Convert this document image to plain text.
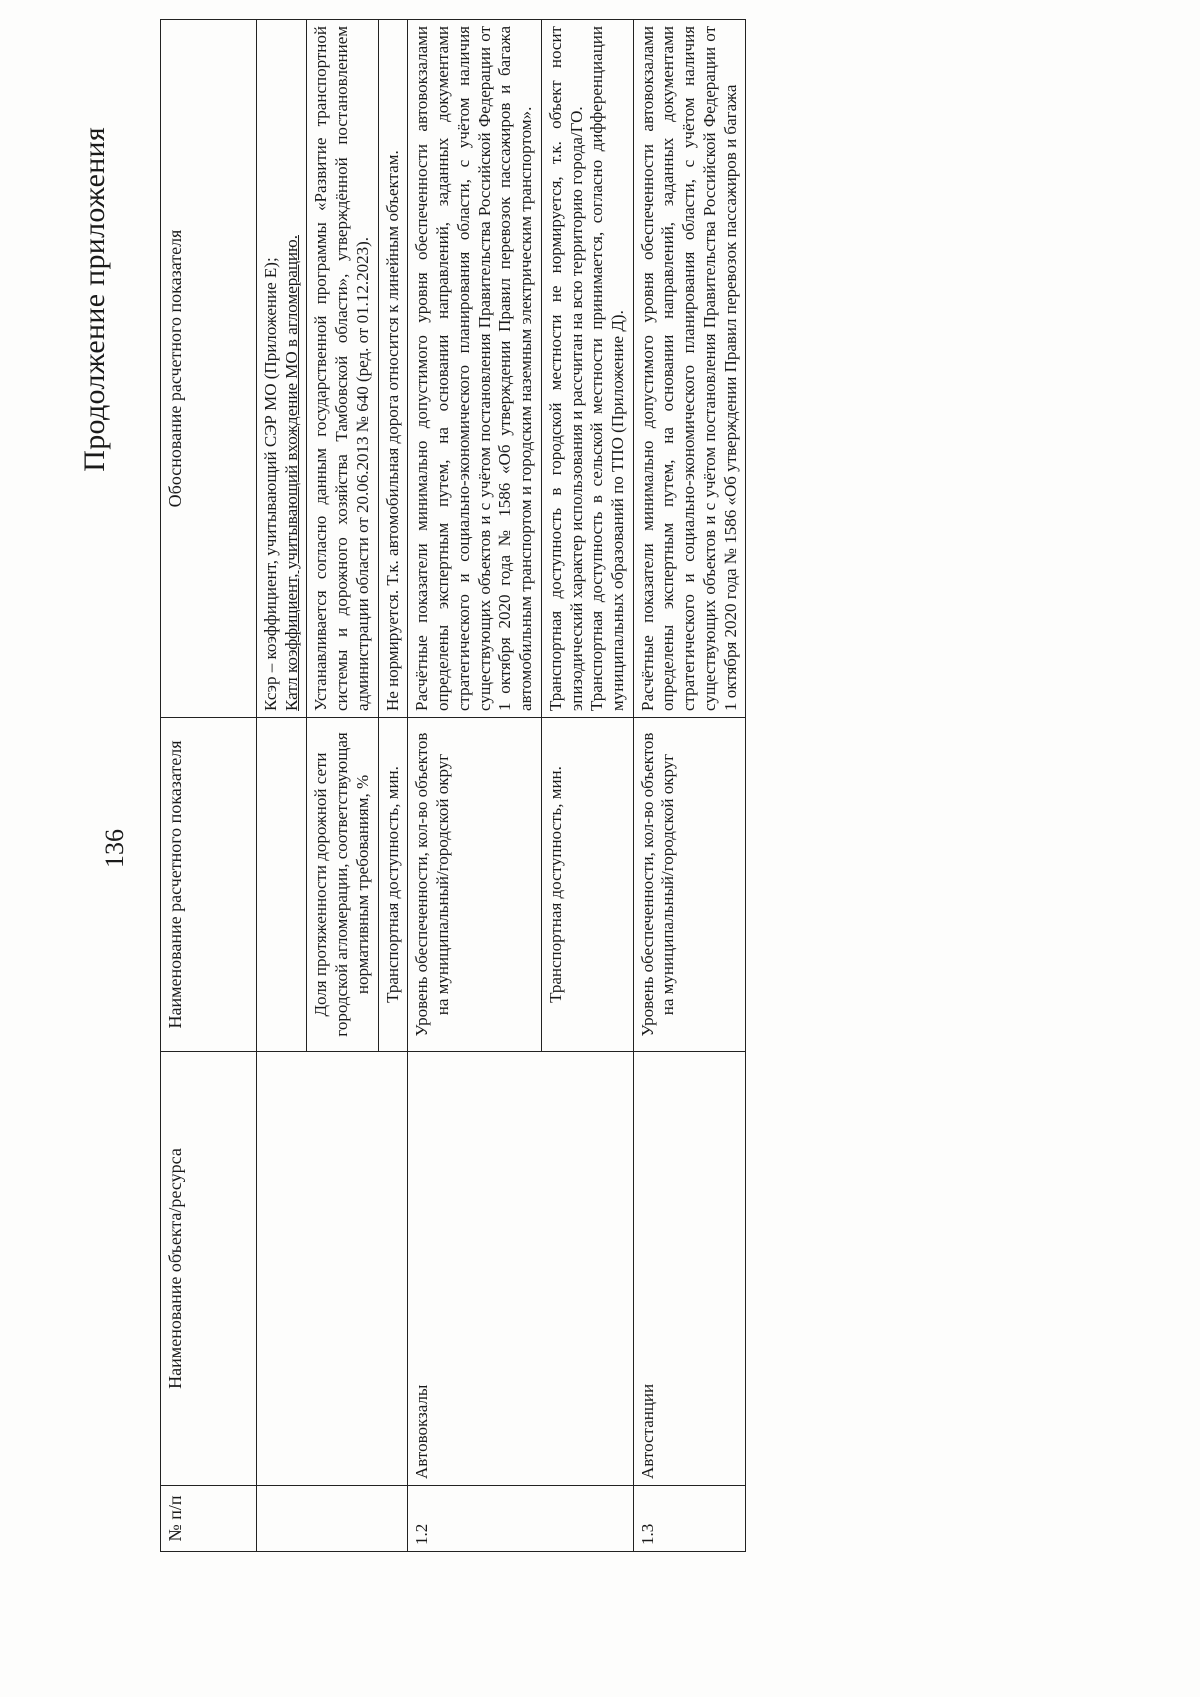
Продолжение приложения
136
№ п/п	Наименование объекта/ресурса	Наименование расчетного показателя	Обоснование расчетного показателя

			Ксэр – коэффициент, учитывающий СЭР МО (Приложение Е); Катл коэффициент, учитывающий вхождение МО в агломерацию.

		Доля протяженности дорожной сети городской агломерации, соответствующая нормативным требованиям, %	Устанавливается согласно данным государственной программы «Развитие транспортной системы и дорожного хозяйства Тамбовской области», утверждённой постановлением администрации области от 20.06.2013 № 640 (ред. от 01.12.2023).
		Транспортная доступность, мин.	Не нормируется. Т.к. автомобильная дорога относится к линейным объектам.
1.2	Автовокзалы	Уровень обеспеченности, кол-во объектов на муниципальный/городской округ	Расчётные показатели минимально допустимого уровня обеспеченности автовокзалами определены экспертным путем, на основании направлений, заданных документами стратегического и социально-экономического планирования области, с учётом наличия существующих объектов и с учётом постановления Правительства Российской Федерации от 1 октября 2020 года № 1586 «Об утверждении Правил перевозок пассажиров и багажа автомобильным транспортом и городским наземным электрическим транспортом».
		Транспортная доступность, мин.	Транспортная доступность в городской местности не нормируется, т.к. объект носит эпизодический характер использования и рассчитан на всю территорию города/ГО. Транспортная доступность в сельской местности принимается, согласно дифференциации муниципальных образований по ТПО (Приложение Д).

1.3	Автостанции	Уровень обеспеченности, кол-во объектов на муниципальный/городской округ	Расчётные показатели минимально допустимого уровня обеспеченности автовокзалами определены экспертным путем, на основании направлений, заданных документами стратегического и социально-экономического планирования области, с учётом наличия существующих объектов и с учётом постановления Правительства Российской Федерации от 1 октября 2020 года № 1586 «Об утверждении Правил перевозок пассажиров и багажа
